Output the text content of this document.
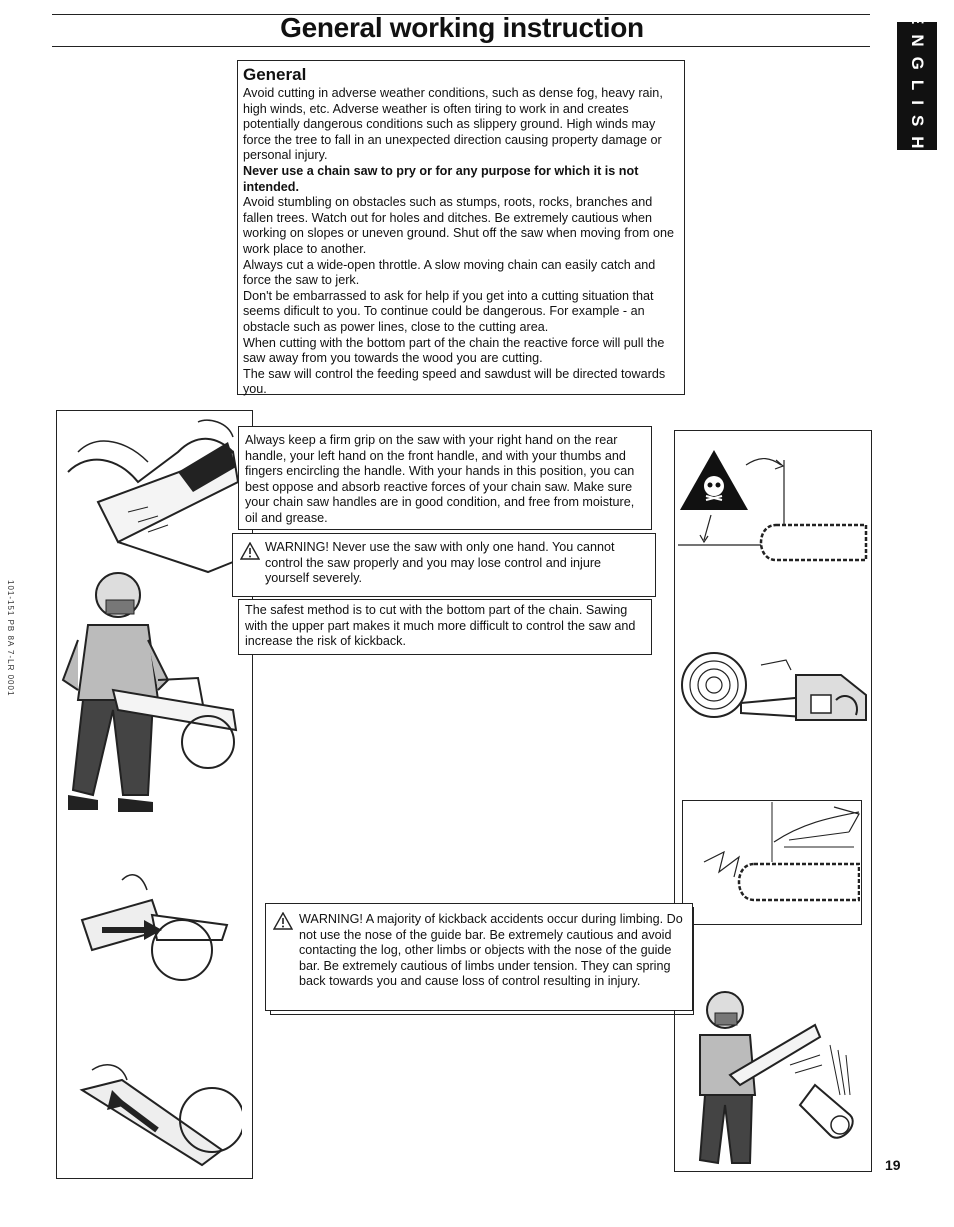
General working instruction	ENGLISH
101-151 PB 8A 7-LR 0001
General

Avoid cutting in adverse weather conditions, such as dense fog, heavy rain, high winds, etc. Adverse weather is often tiring to work in and creates potentially dangerous conditions such as slippery ground. High winds may force the tree to fall in an unexpected direction causing property damage or personal injury.

Never use a chain saw to pry or for any purpose for which it is not intended.

Avoid stumbling on obstacles such as stumps, roots, rocks, branches and fallen trees. Watch out for holes and ditches. Be extremely cautious when working on slopes or uneven ground. Shut off the saw when moving from one work place to another.

Always cut a wide-open throttle. A slow moving chain can easily catch and force the saw to jerk.

Don't be embarrassed to ask for help if you get into a cutting situation that seems dificult to you. To continue could be dangerous. For example - an obstacle such as power lines, close to the cutting area.

When cutting with the bottom part of the chain the reactive force will pull the saw away from you towards the wood you are cutting.

The saw will control the feeding speed and sawdust will be directed towards you.

Always keep a firm grip on the saw with your right hand on the rear handle, your left hand on the front handle, and with your thumbs and fingers encircling the handle. With your hands in this position, you can best oppose and absorb reactive forces of your chain saw. Make sure your chain saw handles are in good condition, and free from moisture, oil and grease.

WARNING! Never use the saw with only one hand. You cannot control the saw properly and you may lose control and injure yourself severely.

The safest method is to cut with the bottom part of the chain. Sawing with the upper part makes it much more difficult to control the saw and increase the risk of kickback.

WARNING! A majority of kickback accidents occur during limbing. Do not use the nose of the guide bar. Be extremely cautious and avoid contacting the log, other limbs or objects with the nose of the guide bar. Be extremely cautious of limbs under tension. They can spring back towards you and cause loss of control resulting in injury.

19
